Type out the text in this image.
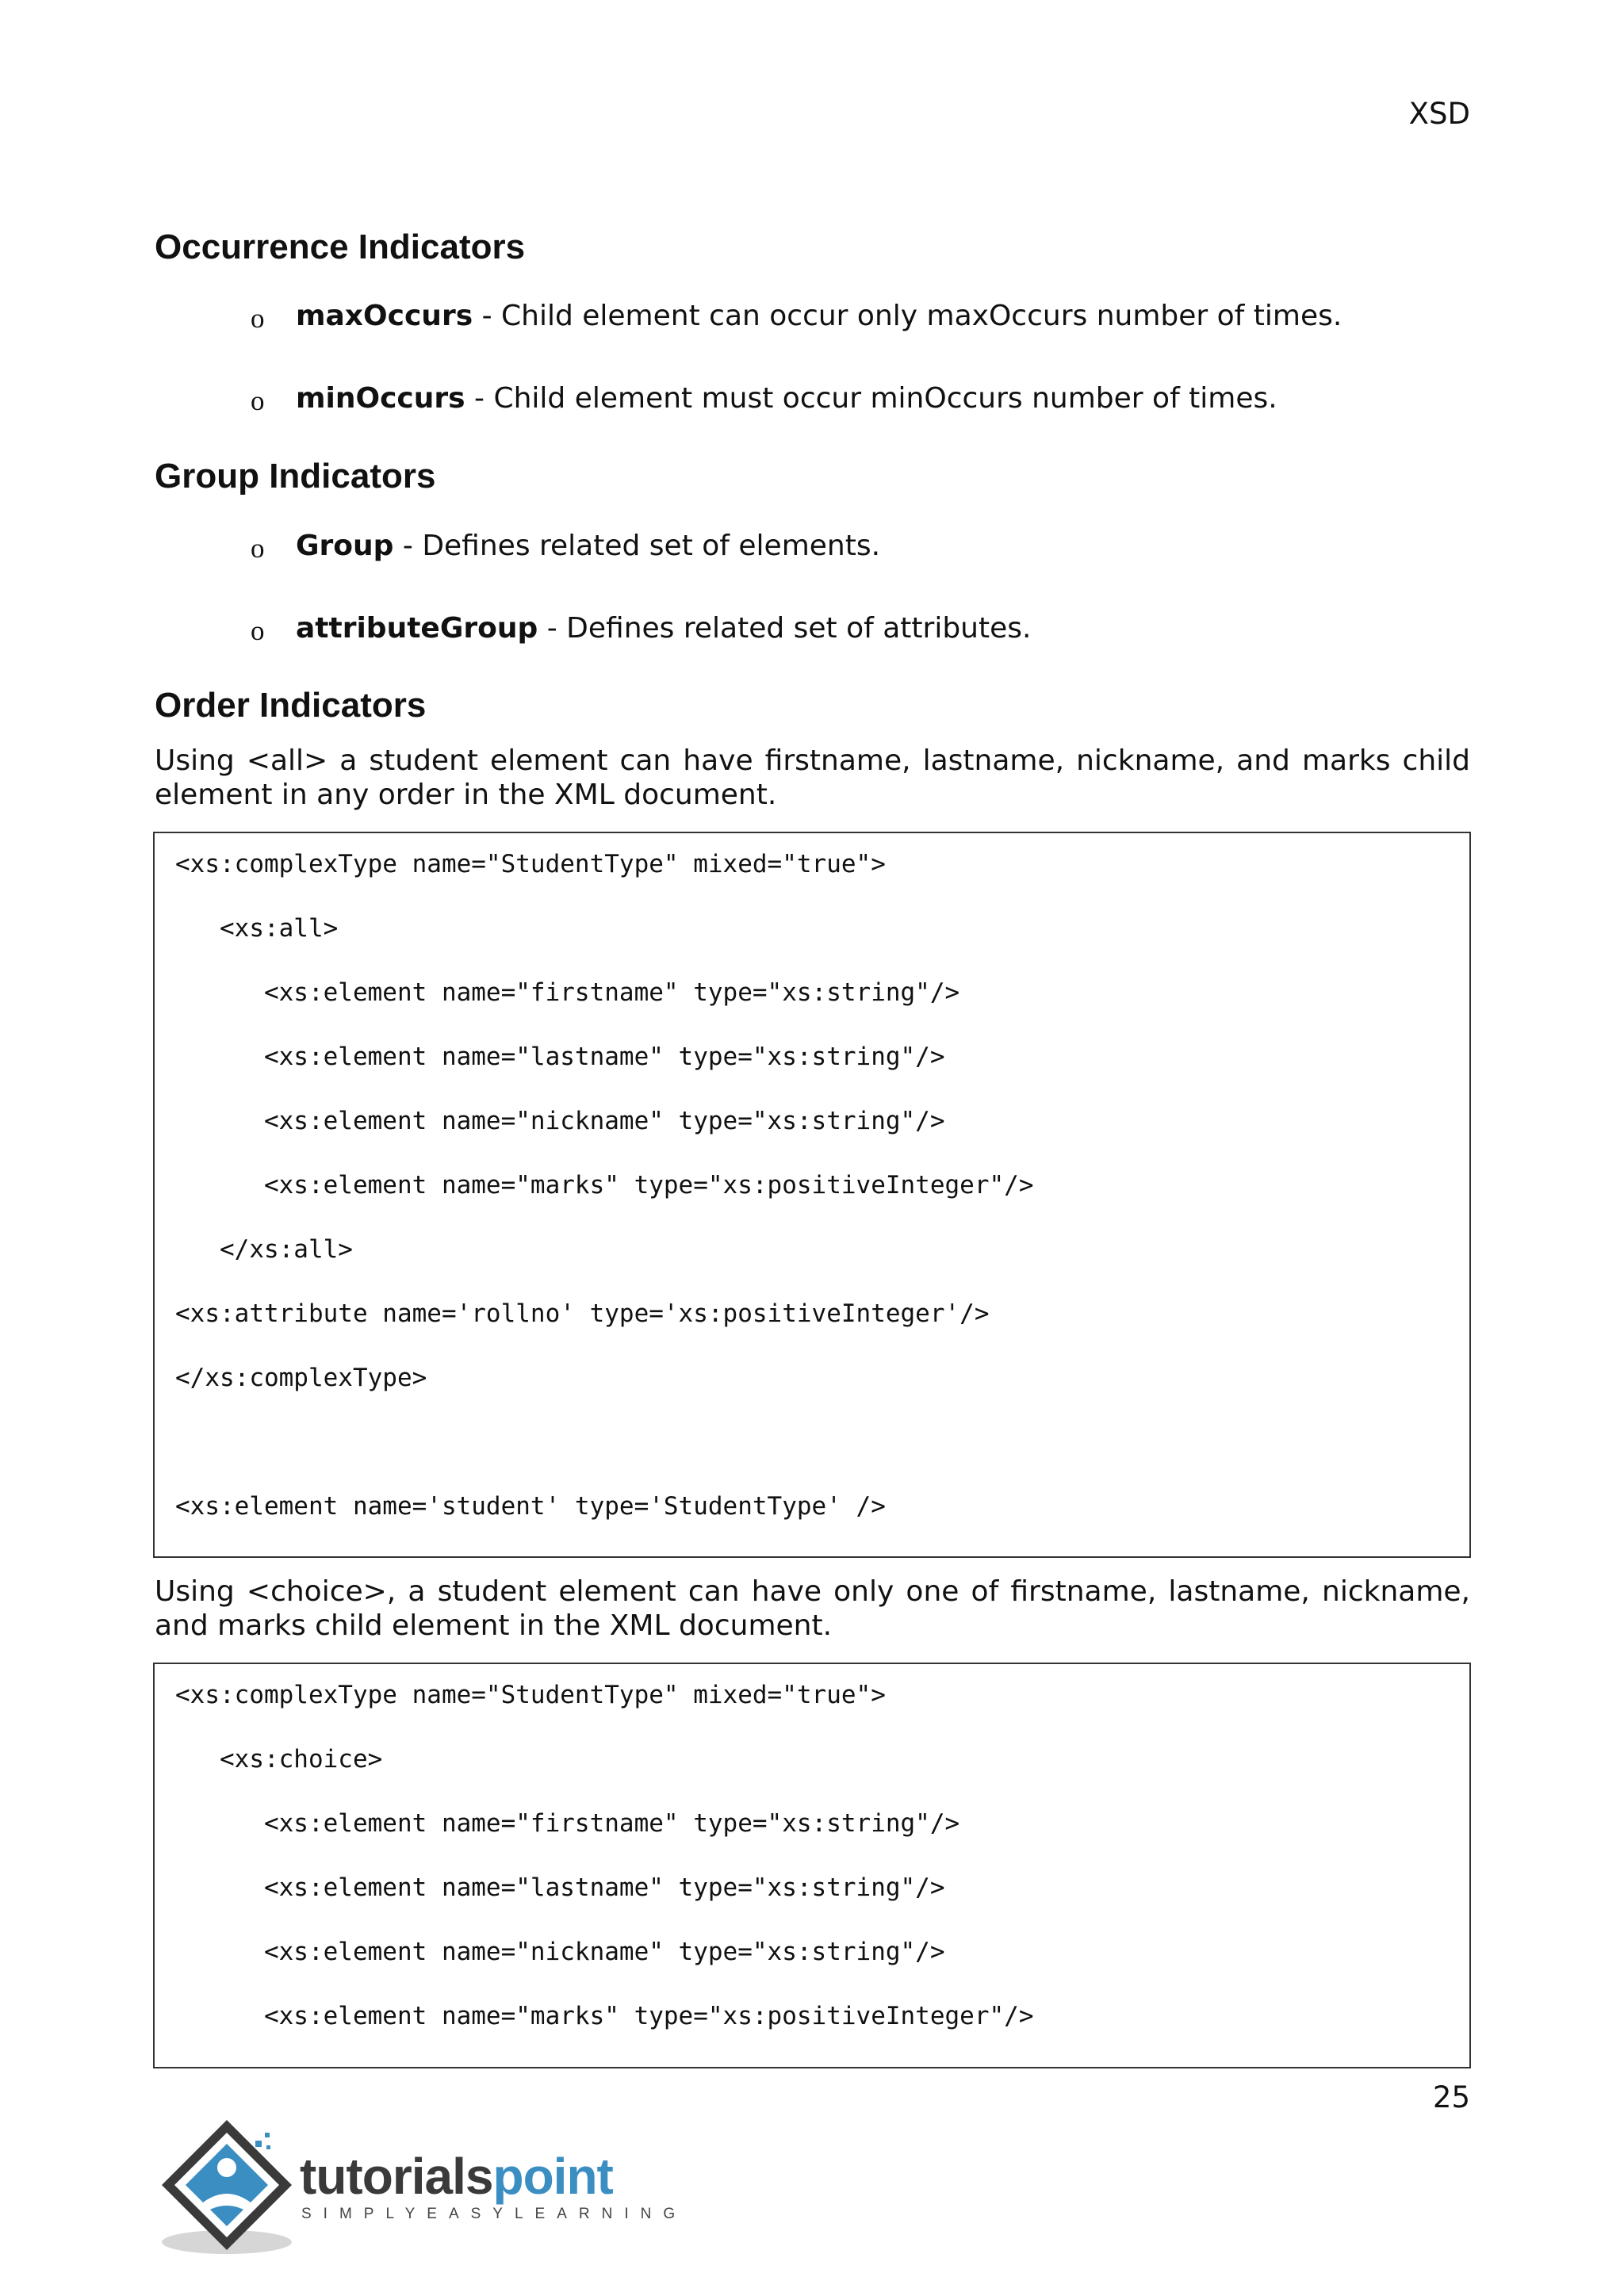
XSD
Occurrence Indicators
o maxOccurs - Child element can occur only maxOccurs number of times.
o minOccurs - Child element must occur minOccurs number of times.
Group Indicators
o Group - Defines related set of elements.
o attributeGroup - Defines related set of attributes.
Order Indicators
Using <all> a student element can have firstname, lastname, nickname, and marks child element in any order in the XML document.
<xs:complexType name="StudentType" mixed="true">
<xs:all>
<xs:element name="firstname" type="xs:string"/>
<xs:element name="lastname" type="xs:string"/>
<xs:element name="nickname" type="xs:string"/>
<xs:element name="marks" type="xs:positiveInteger"/>
</xs:all>
<xs:attribute name='rollno' type='xs:positiveInteger'/>
</xs:complexType>
<xs:element name='student' type='StudentType' />
Using <choice>, a student element can have only one of firstname, lastname, nickname, and marks child element in the XML document.
<xs:complexType name="StudentType" mixed="true">
<xs:choice>
<xs:element name="firstname" type="xs:string"/>
<xs:element name="lastname" type="xs:string"/>
<xs:element name="nickname" type="xs:string"/>
<xs:element name="marks" type="xs:positiveInteger"/>
25
tutorialspoint
SIMPLYEASYLEARNING
